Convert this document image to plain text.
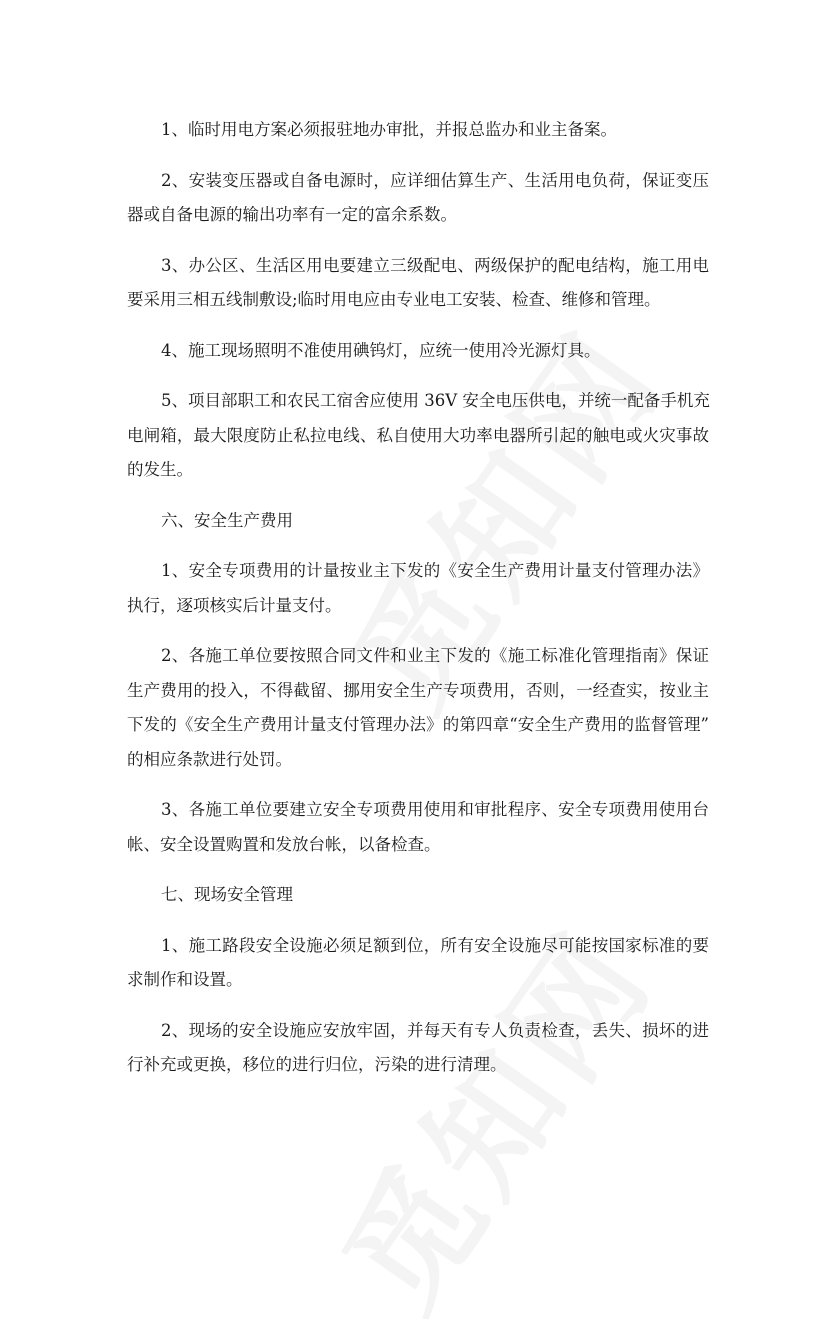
1、临时用电方案必须报驻地办审批，并报总监办和业主备案。
2、安装变压器或自备电源时，应详细估算生产、生活用电负荷，保证变压
器或自备电源的输出功率有一定的富余系数。
3、办公区、生活区用电要建立三级配电、两级保护的配电结构，施工用电
要采用三相五线制敷设;临时用电应由专业电工安装、检查、维修和管理。
4、施工现场照明不准使用碘钨灯，应统一使用冷光源灯具。
5、项目部职工和农民工宿舍应使用 36V 安全电压供电，并统一配备手机充
电闸箱，最大限度防止私拉电线、私自使用大功率电器所引起的触电或火灾事故
的发生。
六、安全生产费用
1、安全专项费用的计量按业主下发的《安全生产费用计量支付管理办法》
执行，逐项核实后计量支付。
2、各施工单位要按照合同文件和业主下发的《施工标准化管理指南》保证
生产费用的投入，不得截留、挪用安全生产专项费用，否则，一经查实，按业主
下发的《安全生产费用计量支付管理办法》的第四章“安全生产费用的监督管理”
的相应条款进行处罚。
3、各施工单位要建立安全专项费用使用和审批程序、安全专项费用使用台
帐、安全设置购置和发放台帐，以备检查。
七、现场安全管理
1、施工路段安全设施必须足额到位，所有安全设施尽可能按国家标准的要
求制作和设置。
2、现场的安全设施应安放牢固，并每天有专人负责检查，丢失、损坏的进
行补充或更换，移位的进行归位，污染的进行清理。
